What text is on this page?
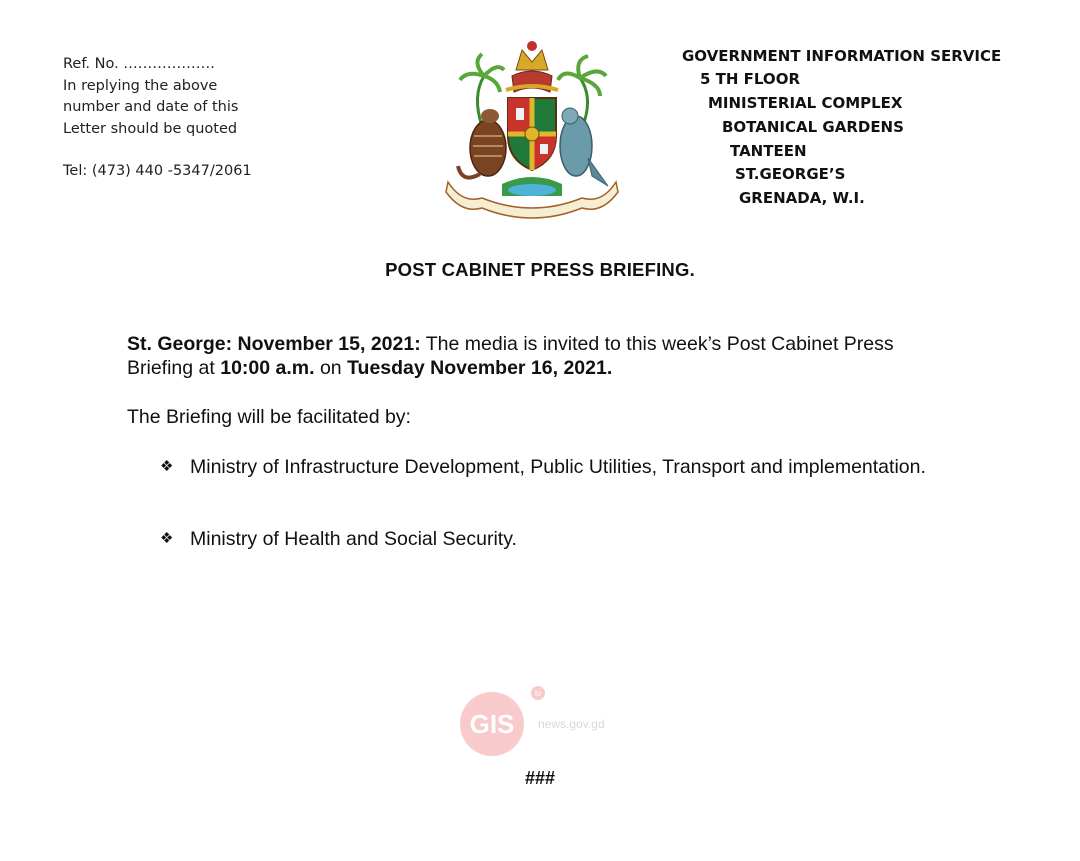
Ref. No. ……………….
In replying the above
number and date of this
Letter should be quoted
Tel: (473) 440 -5347/2061
GOVERNMENT INFORMATION SERVICE
5 TH FLOOR
MINISTERIAL COMPLEX
BOTANICAL GARDENS
TANTEEN
ST.GEORGE’S
GRENADA, W.I.
POST CABINET PRESS BRIEFING.
St. George: November 15, 2021: The media is invited to this week’s Post Cabinet Press Briefing at 10:00 a.m. on Tuesday November 16, 2021.
The Briefing will be facilitated by:
❖ Ministry of Infrastructure Development, Public Utilities, Transport and implementation.
❖ Ministry of Health and Social Security.
GIS
tv
news.gov.gd
###
